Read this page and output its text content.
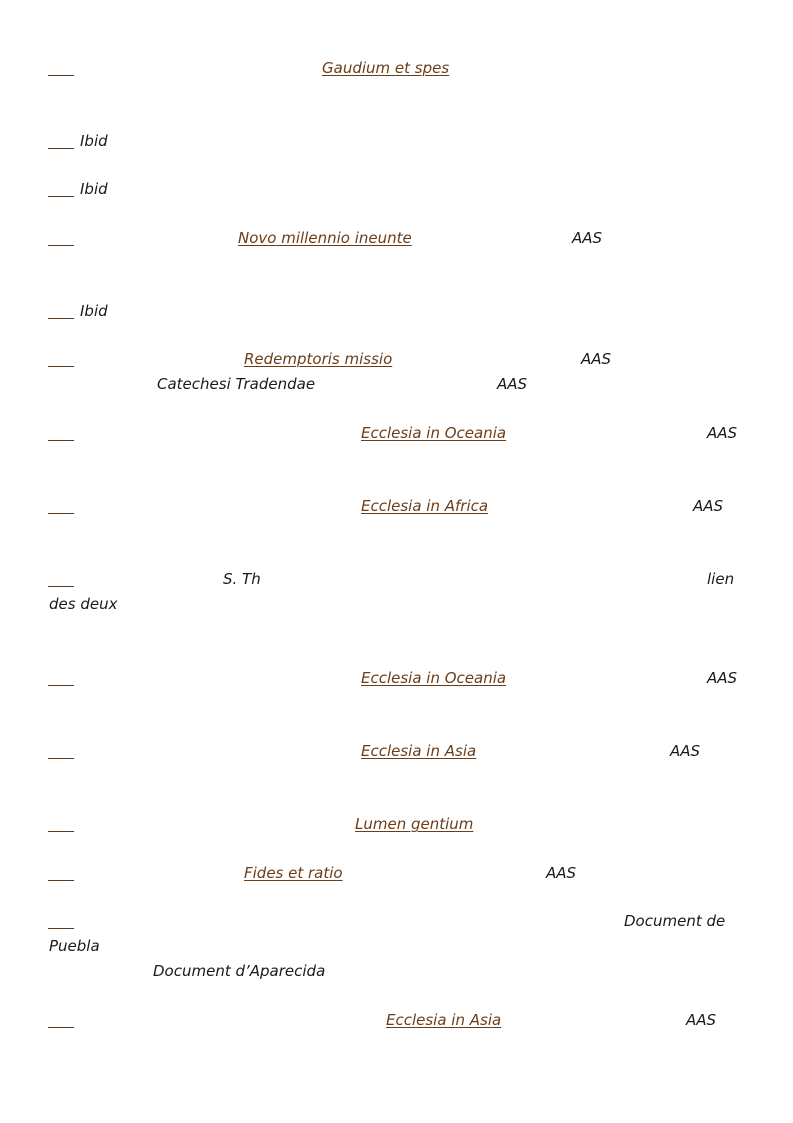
Gaudium et spes
Ibid
Ibid
Novo millennio ineunte	AAS
Ibid
Redemptoris missio	AAS
Catechesi Tradendae	AAS
Ecclesia in Oceania	AAS
Ecclesia in Africa	AAS
S. Th	lien
des deux
Ecclesia in Oceania	AAS
Ecclesia in Asia	AAS
Lumen gentium
Fides et ratio	AAS
Document de
Puebla
Document d’Aparecida
Ecclesia in Asia	AAS
